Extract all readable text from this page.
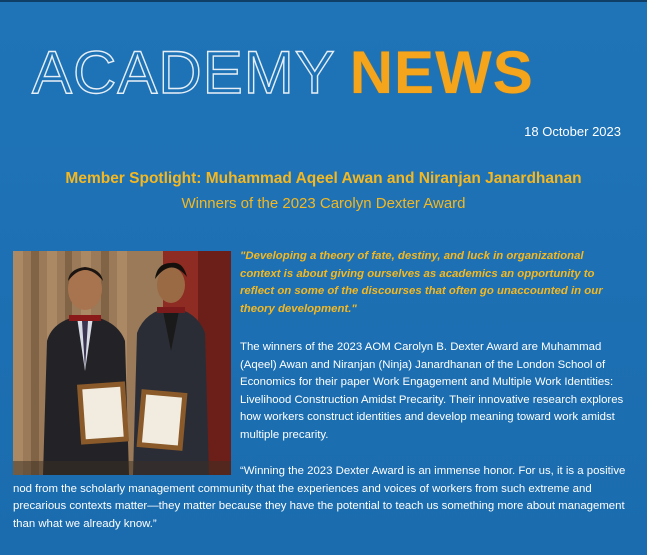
ACADEMY NEWS
18 October 2023
Member Spotlight: Muhammad Aqeel Awan and Niranjan Janardhanan
Winners of the 2023 Carolyn Dexter Award
"Developing a theory of fate, destiny, and luck in organizational context is about giving ourselves as academics an opportunity to reflect on some of the discourses that often go unaccounted in our theory development."
The winners of the 2023 AOM Carolyn B. Dexter Award are Muhammad (Aqeel) Awan and Niranjan (Ninja) Janardhanan of the London School of Economics for their paper Work Engagement and Multiple Work Identities: Livelihood Construction Amidst Precarity. Their innovative research explores how workers construct identities and develop meaning toward work amidst multiple precarity.
“Winning the 2023 Dexter Award is an immense honor. For us, it is a positive nod from the scholarly management community that the experiences and voices of workers from such extreme and precarious contexts matter—they matter because they have the potential to teach us something more about management than what we already know.”
